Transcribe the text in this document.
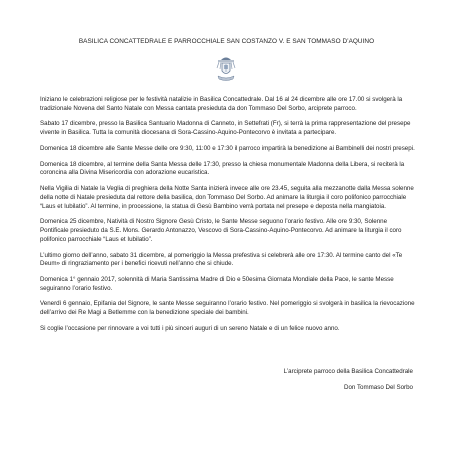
BASILICA CONCATTEDRALE E PARROCCHIALE SAN COSTANZO V. E SAN TOMMASO D’AQUINO

Iniziano le celebrazioni religiose per le festività natalizie in Basilica Concattedrale. Dal 16 al 24 dicembre alle ore 17.00 si svolgerà la tradizionale Novena del Santo Natale con Messa cantata presieduta da don Tommaso Del Sorbo, arciprete parroco.

Sabato 17 dicembre, presso la Basilica Santuario Madonna di Canneto, in Settefrati (Fr), si terrà la prima rappresentazione del presepe vivente in Basilica. Tutta la comunità diocesana di Sora-Cassino-Aquino-Pontecorvo è invitata a partecipare.

Domenica 18 dicembre alle Sante Messe delle ore 9:30, 11:00 e 17:30 il parroco impartirà la benedizione ai Bambinelli dei nostri presepi.

Domenica 18 dicembre, al termine della Santa Messa delle 17:30, presso la chiesa monumentale Madonna della Libera, si reciterà la coroncina alla Divina Misericordia con adorazione eucaristica.

Nella Vigilia di Natale la Veglia di preghiera della Notte Santa inizierà invece alle ore 23.45, seguita alla mezzanotte dalla Messa solenne della notte di Natale presieduta dal rettore della basilica, don Tommaso Del Sorbo. Ad animare la liturgia il coro polifonico parrocchiale “Laus et Iubilatio”. Al termine, in processione, la statua di Gesù Bambino verrà portata nel presepe e deposta nella mangiatoia.

Domenica 25 dicembre, Natività di Nostro Signore Gesù Cristo, le Sante Messe seguono l’orario festivo. Alle ore 9:30, Solenne Pontificale presieduto da S.E. Mons. Gerardo Antonazzo, Vescovo di Sora-Cassino-Aquino-Pontecorvo. Ad animare la liturgia il coro polifonico parrocchiale “Laus et Iubilatio”.

L’ultimo giorno dell’anno, sabato 31 dicembre, al pomeriggio la Messa prefestiva si celebrerà alle ore 17:30. Al termine canto del «Te Deum» di ringraziamento per i benefici ricevuti nell’anno che si chiude.

Domenica 1° gennaio 2017, solennità di Maria Santissima Madre di Dio e 50esima Giornata Mondiale della Pace, le sante Messe seguiranno l’orario festivo.

Venerdì 6 gennaio, Epifania del Signore, le sante Messe seguiranno l’orario festivo. Nel pomeriggio si svolgerà in basilica la rievocazione dell’arrivo dei Re Magi a Betlemme con la benedizione speciale dei bambini.

Si coglie l’occasione per rinnovare a voi tutti i più sinceri auguri di un sereno Natale e di un felice nuovo anno.

L’arciprete parroco della Basilica Concattedrale
Don Tommaso Del Sorbo
